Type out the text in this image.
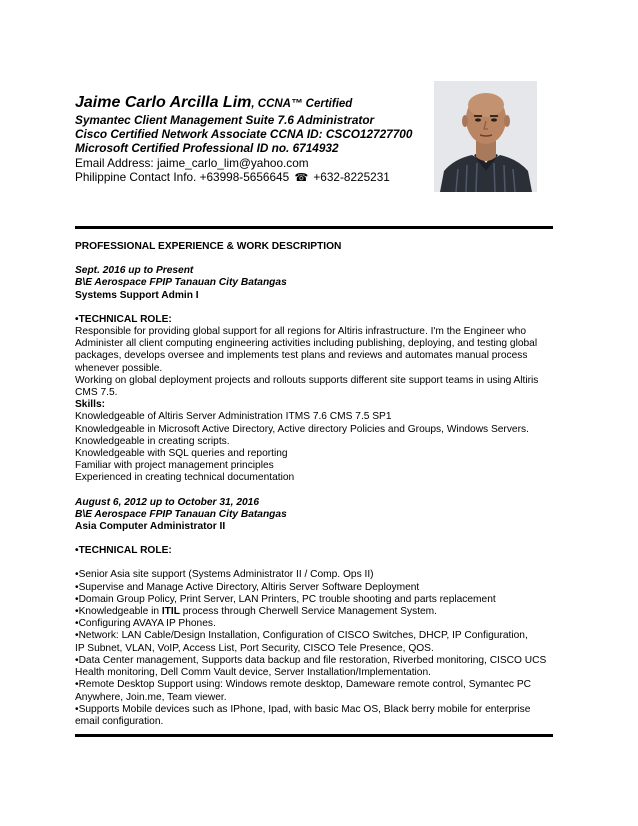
Jaime Carlo Arcilla Lim, CCNA™ Certified

Symantec Client Management Suite 7.6 Administrator
Cisco Certified Network Associate CCNA ID: CSCO12727700
Microsoft Certified Professional ID no. 6714932
Email Address: jaime_carlo_lim@yahoo.com
Philippine Contact Info. +63998-5656645 ☎ +632-8225231

PROFESSIONAL EXPERIENCE & WORK DESCRIPTION

Sept. 2016 up to Present

B\E Aerospace FPIP Tanauan City Batangas

Systems Support Admin I

•TECHNICAL ROLE:

Responsible for providing global support for all regions for Altiris infrastructure. I'm the Engineer who

Administer all client computing engineering activities including publishing, deploying, and testing global

packages, develops oversee and implements test plans and reviews and automates manual process

whenever possible.

Working on global deployment projects and rollouts supports different site support teams in using Altiris

CMS 7.5.

Skills:

Knowledgeable of Altiris Server Administration ITMS 7.6 CMS 7.5 SP1

Knowledgeable in Microsoft Active Directory, Active directory Policies and Groups, Windows Servers.

Knowledgeable in creating scripts.

Knowledgeable with SQL queries and reporting

Familiar with project management principles

Experienced in creating technical documentation

August 6, 2012 up to October 31, 2016

B\E Aerospace FPIP Tanauan City Batangas

Asia Computer Administrator II

•TECHNICAL ROLE:

•Senior Asia site support (Systems Administrator II / Comp. Ops II)

•Supervise and Manage Active Directory, Altiris Server Software Deployment

•Domain Group Policy, Print Server, LAN Printers, PC trouble shooting and parts replacement

•Knowledgeable in ITIL process through Cherwell Service Management System.

•Configuring AVAYA IP Phones.

•Network: LAN Cable/Design Installation, Configuration of CISCO Switches, DHCP, IP Configuration,

IP Subnet, VLAN, VoIP, Access List, Port Security, CISCO Tele Presence, QOS.

•Data Center management, Supports data backup and file restoration, Riverbed monitoring, CISCO UCS

Health monitoring, Dell Comm Vault device, Server Installation/Implementation.

•Remote Desktop Support using: Windows remote desktop, Dameware remote control, Symantec PC

Anywhere, Join.me, Team viewer.

•Supports Mobile devices such as IPhone, Ipad, with basic Mac OS, Black berry mobile for enterprise

email configuration.
